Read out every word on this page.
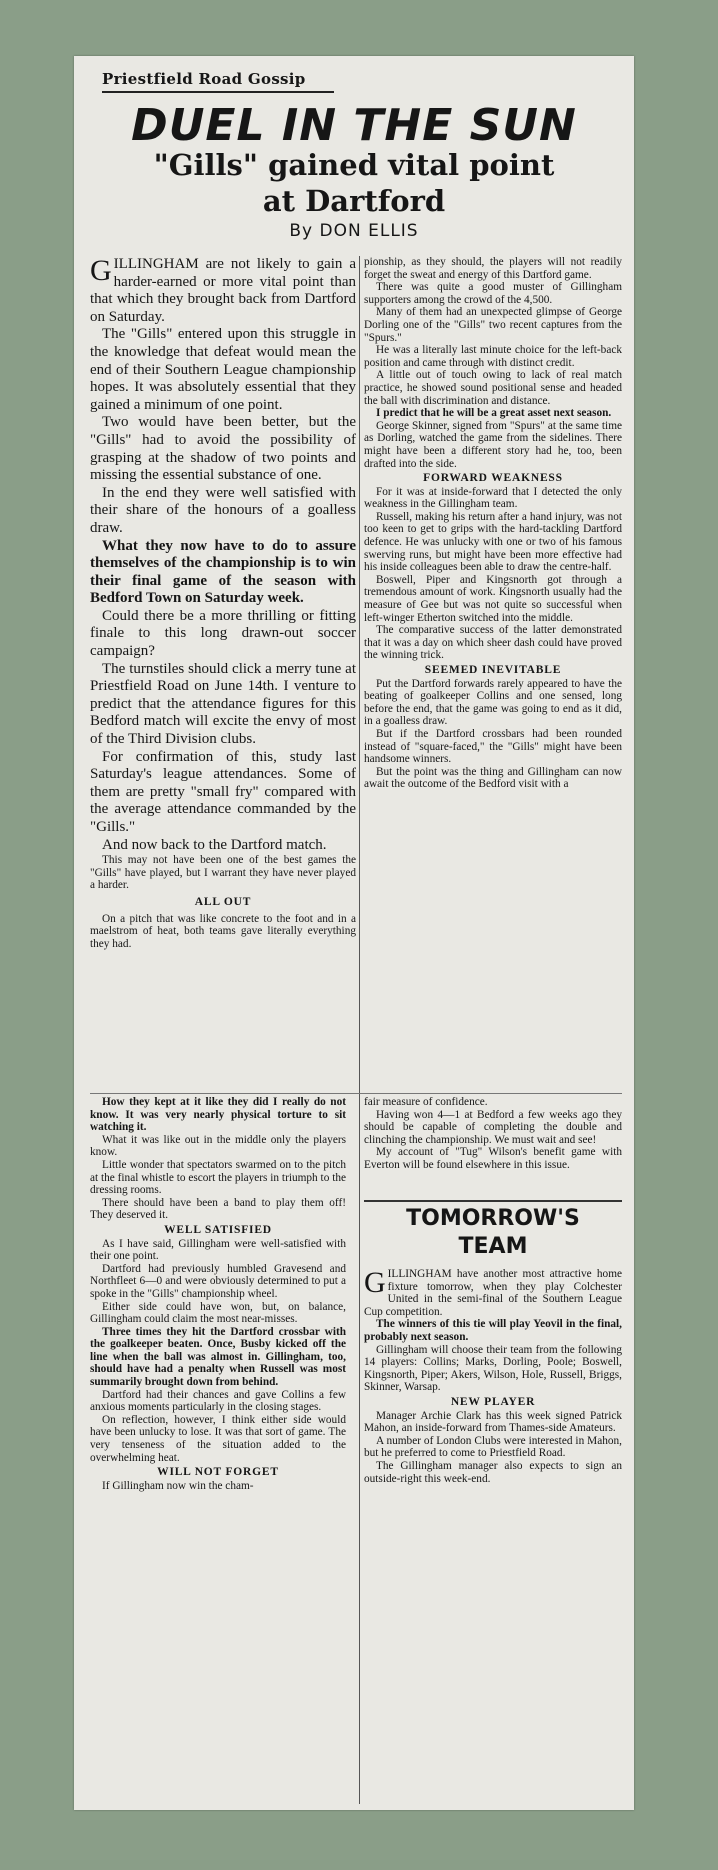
Priestfield Road Gossip
DUEL IN THE SUN
"Gills" gained vital point
at Dartford
By DON ELLIS

GILLINGHAM are not likely to gain a harder-earned or more vital point than that which they brought back from Dartford on Saturday.

The "Gills" entered upon this struggle in the knowledge that defeat would mean the end of their Southern League championship hopes. It was absolutely essential that they gained a minimum of one point.

Two would have been better, but the "Gills" had to avoid the possibility of grasping at the shadow of two points and missing the essential substance of one.

In the end they were well satisfied with their share of the honours of a goalless draw.

What they now have to do to assure themselves of the championship is to win their final game of the season with Bedford Town on Saturday week.

Could there be a more thrilling or fitting finale to this long drawn-out soccer campaign?

The turnstiles should click a merry tune at Priestfield Road on June 14th. I venture to predict that the attendance figures for this Bedford match will excite the envy of most of the Third Division clubs.

For confirmation of this, study last Saturday's league attendances. Some of them are pretty "small fry" compared with the average attendance commanded by the "Gills."

And now back to the Dartford match.

This may not have been one of the best games the "Gills" have played, but I warrant they have never played a harder.

ALL OUT

On a pitch that was like concrete to the foot and in a maelstrom of heat, both teams gave literally everything they had.

pionship, as they should, the players will not readily forget the sweat and energy of this Dartford game.

There was quite a good muster of Gillingham supporters among the crowd of the 4,500.

Many of them had an unexpected glimpse of George Dorling one of the "Gills" two recent captures from the "Spurs."

He was a literally last minute choice for the left-back position and came through with distinct credit.

A little out of touch owing to lack of real match practice, he showed sound positional sense and headed the ball with discrimination and distance.

I predict that he will be a great asset next season.

George Skinner, signed from "Spurs" at the same time as Dorling, watched the game from the sidelines. There might have been a different story had he, too, been drafted into the side.

FORWARD WEAKNESS

For it was at inside-forward that I detected the only weakness in the Gillingham team.

Russell, making his return after a hand injury, was not too keen to get to grips with the hard-tackling Dartford defence. He was unlucky with one or two of his famous swerving runs, but might have been more effective had his inside colleagues been able to draw the centre-half.

Boswell, Piper and Kingsnorth got through a tremendous amount of work. Kingsnorth usually had the measure of Gee but was not quite so successful when left-winger Etherton switched into the middle.

The comparative success of the latter demonstrated that it was a day on which sheer dash could have proved the winning trick.

SEEMED INEVITABLE

Put the Dartford forwards rarely appeared to have the beating of goalkeeper Collins and one sensed, long before the end, that the game was going to end as it did, in a goalless draw.

But if the Dartford crossbars had been rounded instead of "square-faced," the "Gills" might have been handsome winners.

But the point was the thing and Gillingham can now await the outcome of the Bedford visit with a

How they kept at it like they did I really do not know. It was very nearly physical torture to sit watching it.

What it was like out in the middle only the players know.

Little wonder that spectators swarmed on to the pitch at the final whistle to escort the players in triumph to the dressing rooms.

There should have been a band to play them off! They deserved it.

WELL SATISFIED

As I have said, Gillingham were well-satisfied with their one point.

Dartford had previously humbled Gravesend and Northfleet 6—0 and were obviously determined to put a spoke in the "Gills" championship wheel.

Either side could have won, but, on balance, Gillingham could claim the most near-misses.

Three times they hit the Dartford crossbar with the goalkeeper beaten. Once, Busby kicked off the line when the ball was almost in. Gillingham, too, should have had a penalty when Russell was most summarily brought down from behind.

Dartford had their chances and gave Collins a few anxious moments particularly in the closing stages.

On reflection, however, I think either side would have been unlucky to lose. It was that sort of game. The very tenseness of the situation added to the overwhelming heat.

WILL NOT FORGET

If Gillingham now win the cham-

fair measure of confidence.

Having won 4—1 at Bedford a few weeks ago they should be capable of completing the double and clinching the championship. We must wait and see!

My account of "Tug" Wilson's benefit game with Everton will be found elsewhere in this issue.

TOMORROW'S
TEAM

GILLINGHAM have another most attractive home fixture tomorrow, when they play Colchester United in the semi-final of the Southern League Cup competition.

The winners of this tie will play Yeovil in the final, probably next season.

Gillingham will choose their team from the following 14 players: Collins; Marks, Dorling, Poole; Boswell, Kingsnorth, Piper; Akers, Wilson, Hole, Russell, Briggs, Skinner, Warsap.

NEW PLAYER

Manager Archie Clark has this week signed Patrick Mahon, an inside-forward from Thames-side Amateurs.

A number of London Clubs were interested in Mahon, but he preferred to come to Priestfield Road.

The Gillingham manager also expects to sign an outside-right this week-end.
